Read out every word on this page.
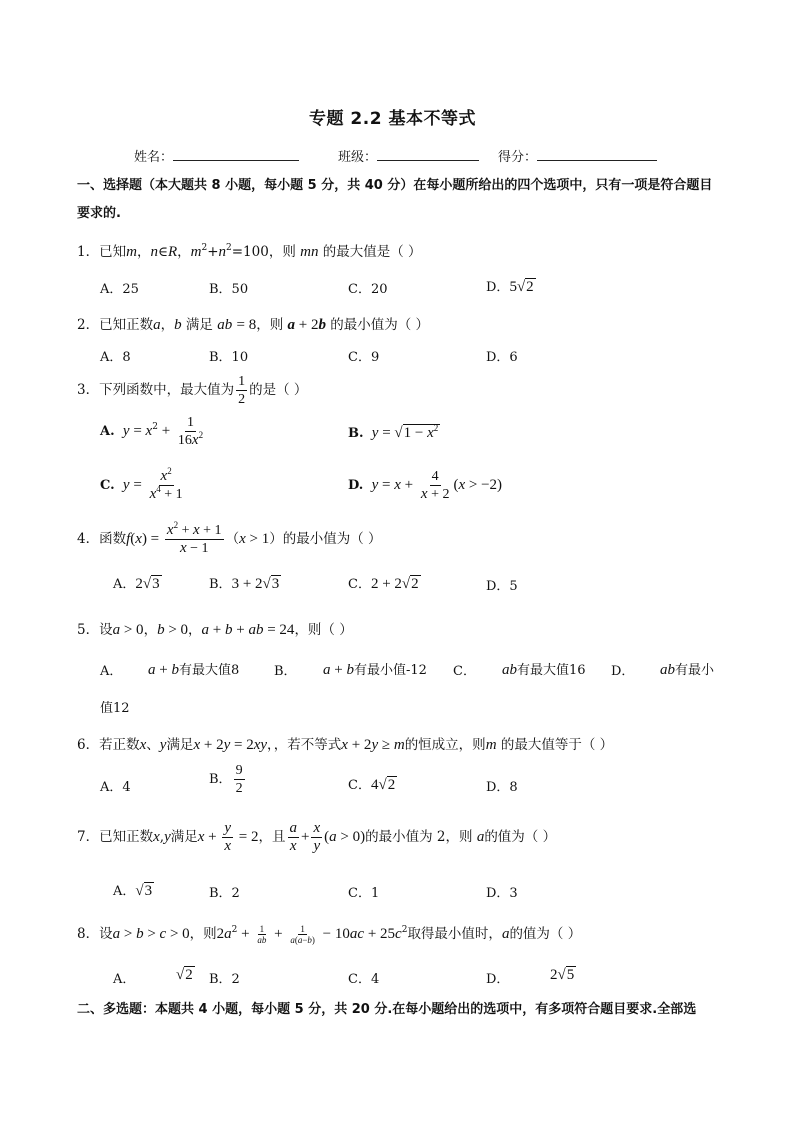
专题 2.2 基本不等式
姓名：	班级：	得分：
一、选择题（本大题共 8 小题，每小题 5 分，共 40 分）在每小题所给出的四个选项中，只有一项是符合题目要求的.
1．已知m，n∈R，$m^2+n^2=100$，则 mn 的最大值是（ ）
A．25	B．50	C．20	D．5√2
2．已知正数a，b 满足 ab = 8，则 a + 2b 的最小值为（ ）
A．8	B．10	C．9	D．6
3．下列函数中，最大值为 $\frac{1}{2}$ 的是（ ）
A. $y = x^2 + \frac{1}{16x^2}$	B. $y = √1 - x^2$
C. $y = \frac{x^2}{x^4 + 1}$	D. $y = x + \frac{4}{x + 2} (x > -2)$
4．函数$f(x) = \frac{x^2 + x + 1}{x - 1} (x > 1)$的最小值为（ ）
A．2√3	B．3 + 2√3	C．2 + 2√2	D．5
5．设a > 0，b > 0，a + b + ab = 24，则（ ）
A． a + b有最大值8	B． a + b有最小值-12 C． ab有最大值16 D． ab有最小
值12
6．若正数x、y满足x + 2y = 2xy，，若不等式x + 2y ≥ m的恒成立，则m 的最大值等于（ ）
A．4
B． $\frac{9}{2}$	C．4√2	D．8
7．已知正数x,y满足$x + \frac{y}{x} = 2$，且 $\frac{a}{x} + \frac{x}{y} (a > 0)$的最小值为 2，则 a的值为（ ）
A．√3	B．2	C．1	D．3
8．设a > b > c > 0，则$2a^2 + \frac{1}{ab} + \frac{1}{a(a-b)} - 10ac + 25c^2$取得最小值时，a的值为（ ）
A．	√2 B．2	C．4	D．	2√5
二、多选题：本题共 4 小题，每小题 5 分，共 20 分.在每小题给出的选项中，有多项符合题目要求.全部选
